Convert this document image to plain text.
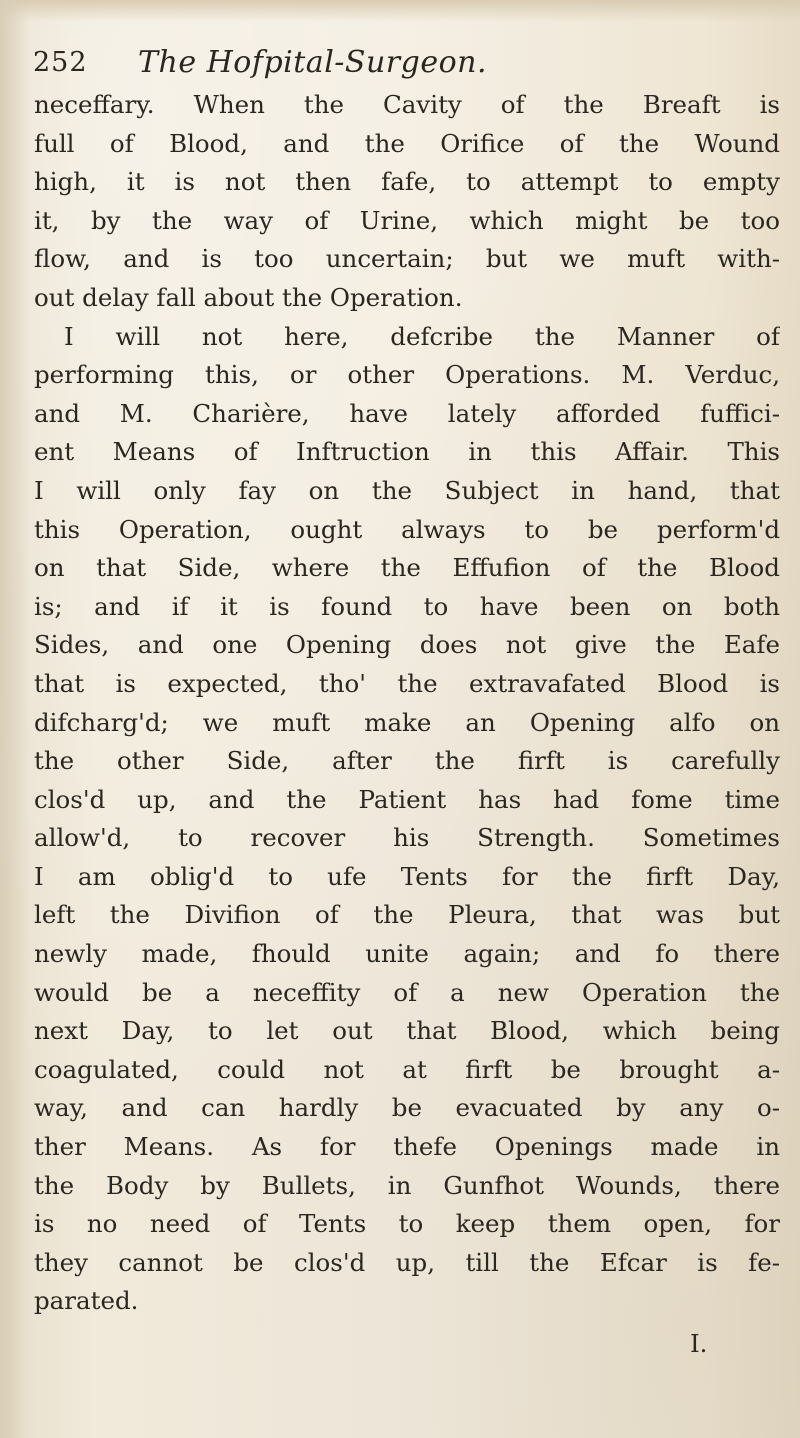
252 The Hofpital-Surgeon.
neceffary. When the Cavity of the Breaft is
full of Blood, and the Orifice of the Wound
high, it is not then fafe, to attempt to empty
it, by the way of Urine, which might be too
flow, and is too uncertain; but we muft with-
out delay fall about the Operation.
I will not here, defcribe the Manner of
performing this, or other Operations. M. Verduc,
and M. Charière, have lately afforded fuffici-
ent Means of Inftruction in this Affair. This
I will only fay on the Subject in hand, that
this Operation, ought always to be perform'd
on that Side, where the Effufion of the Blood
is; and if it is found to have been on both
Sides, and one Opening does not give the Eafe
that is expected, tho' the extravafated Blood is
difcharg'd; we muft make an Opening alfo on
the other Side, after the firft is carefully
clos'd up, and the Patient has had fome time
allow'd, to recover his Strength. Sometimes
I am oblig'd to ufe Tents for the firft Day,
left the Divifion of the Pleura, that was but
newly made, fhould unite again; and fo there
would be a neceffity of a new Operation the
next Day, to let out that Blood, which being
coagulated, could not at firft be brought a-
way, and can hardly be evacuated by any o-
ther Means. As for thefe Openings made in
the Body by Bullets, in Gunfhot Wounds, there
is no need of Tents to keep them open, for
they cannot be clos'd up, till the Efcar is fe-
parated.
I.
